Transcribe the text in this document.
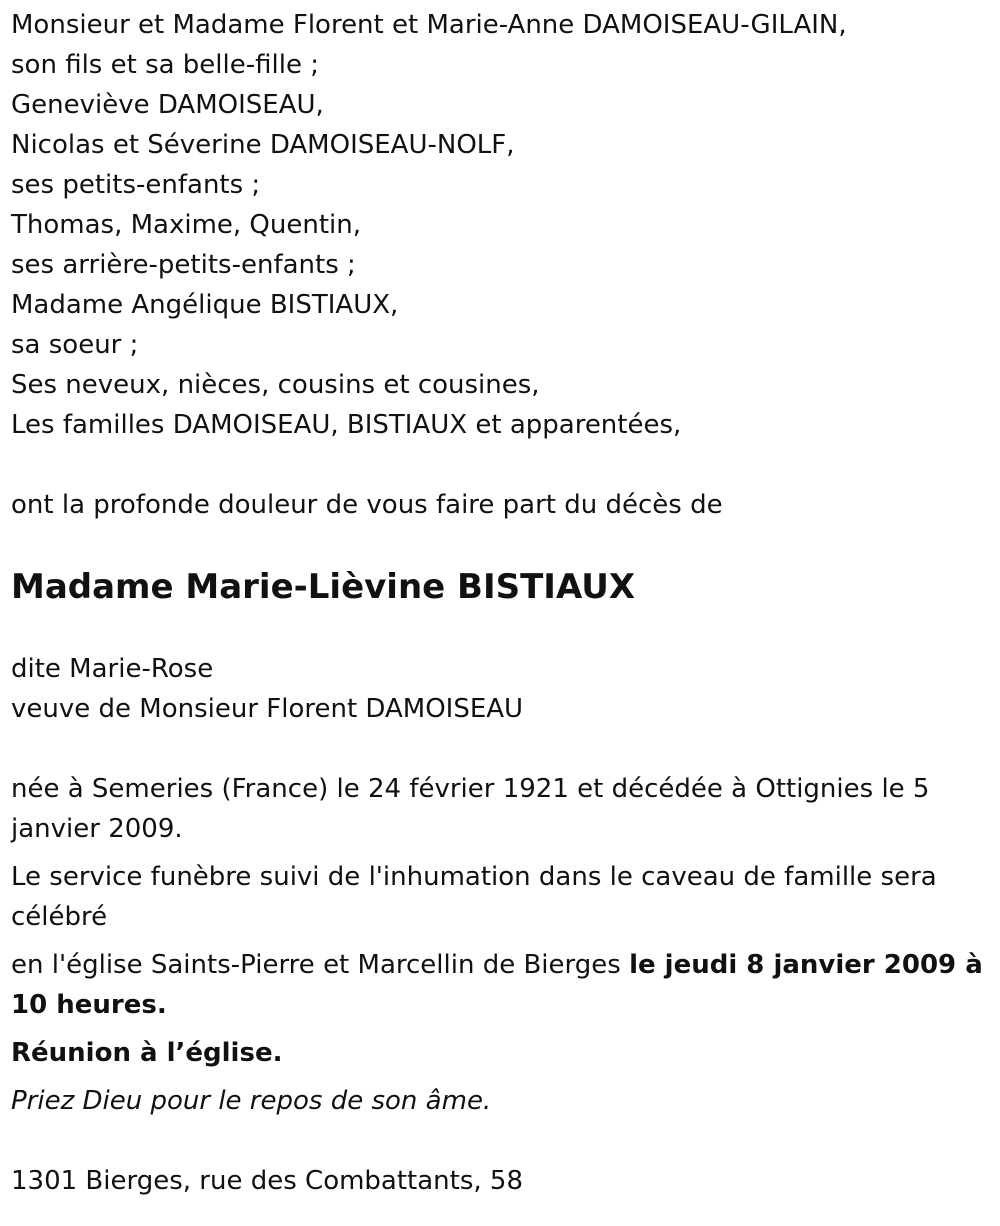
Monsieur et Madame Florent et Marie-Anne DAMOISEAU-GILAIN,
son fils et sa belle-fille ;
Geneviève DAMOISEAU,
Nicolas et Séverine DAMOISEAU-NOLF,
ses petits-enfants ;
Thomas, Maxime, Quentin,
ses arrière-petits-enfants ;
Madame Angélique BISTIAUX,
sa soeur ;
Ses neveux, nièces, cousins et cousines,
Les familles DAMOISEAU, BISTIAUX et apparentées,

ont la profonde douleur de vous faire part du décès de

Madame Marie-Lièvine BISTIAUX
dite Marie-Rose
veuve de Monsieur Florent DAMOISEAU

née à Semeries (France) le 24 février 1921 et décédée à Ottignies le 5 janvier 2009.

Le service funèbre suivi de l'inhumation dans le caveau de famille sera célébré

en l'église Saints-Pierre et Marcellin de Bierges le jeudi 8 janvier 2009 à 10 heures.

Réunion à l’église.

Priez Dieu pour le repos de son âme.

1301 Bierges, rue des Combattants, 58
